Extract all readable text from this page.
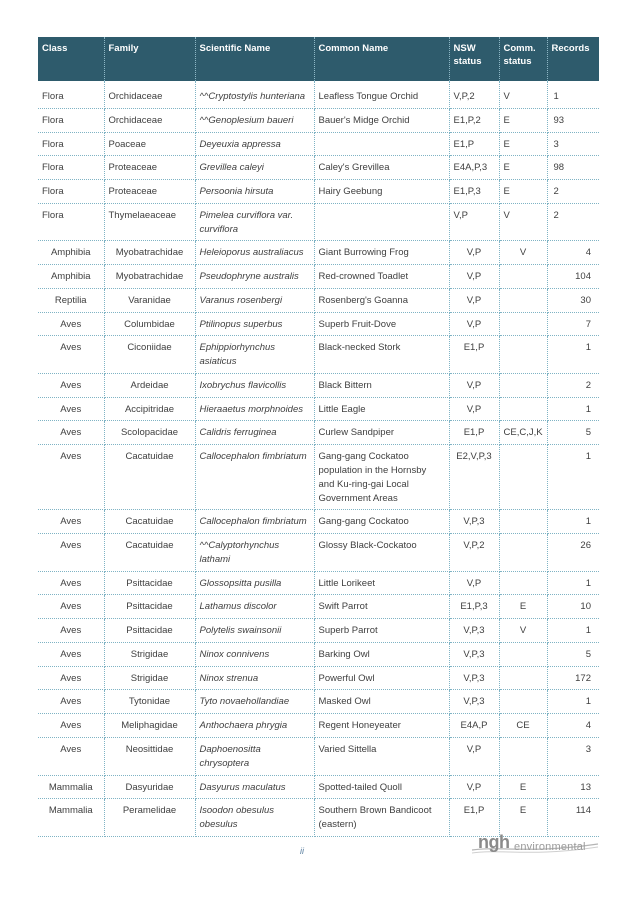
Class	Family	Scientific Name	Common Name	NSW status	Comm. status	Records
Flora	Orchidaceae	^^Cryptostylis hunteriana	Leafless Tongue Orchid	V,P,2	V	1
Flora	Orchidaceae	^^Genoplesium baueri	Bauer's Midge Orchid	E1,P,2	E	93
Flora	Poaceae	Deyeuxia appressa		E1,P	E	3
Flora	Proteaceae	Grevillea caleyi	Caley's Grevillea	E4A,P,3	E	98
Flora	Proteaceae	Persoonia hirsuta	Hairy Geebung	E1,P,3	E	2
Flora	Thymelaeaceae	Pimelea curviflora var. curviflora		V,P	V	2
Amphibia	Myobatrachidae	Heleioporus australiacus	Giant Burrowing Frog	V,P	V	4
Amphibia	Myobatrachidae	Pseudophryne australis	Red-crowned Toadlet	V,P		104
Reptilia	Varanidae	Varanus rosenbergi	Rosenberg's Goanna	V,P		30
Aves	Columbidae	Ptilinopus superbus	Superb Fruit-Dove	V,P		7
Aves	Ciconiidae	Ephippiorhynchus asiaticus	Black-necked Stork	E1,P		1
Aves	Ardeidae	Ixobrychus flavicollis	Black Bittern	V,P		2
Aves	Accipitridae	Hieraaetus morphnoides	Little Eagle	V,P		1
Aves	Scolopacidae	Calidris ferruginea	Curlew Sandpiper	E1,P	CE,C,J,K	5
Aves	Cacatuidae	Callocephalon fimbriatum	Gang-gang Cockatoo population in the Hornsby and Ku-ring-gai Local Government Areas	E2,V,P,3		1
Aves	Cacatuidae	Callocephalon fimbriatum	Gang-gang Cockatoo	V,P,3		1
Aves	Cacatuidae	^^Calyptorhynchus lathami	Glossy Black-Cockatoo	V,P,2		26
Aves	Psittacidae	Glossopsitta pusilla	Little Lorikeet	V,P		1
Aves	Psittacidae	Lathamus discolor	Swift Parrot	E1,P,3	E	10
Aves	Psittacidae	Polytelis swainsonii	Superb Parrot	V,P,3	V	1
Aves	Strigidae	Ninox connivens	Barking Owl	V,P,3		5
Aves	Strigidae	Ninox strenua	Powerful Owl	V,P,3		172
Aves	Tytonidae	Tyto novaehollandiae	Masked Owl	V,P,3		1
Aves	Meliphagidae	Anthochaera phrygia	Regent Honeyeater	E4A,P	CE	4
Aves	Neosittidae	Daphoenositta chrysoptera	Varied Sittella	V,P		3
Mammalia	Dasyuridae	Dasyurus maculatus	Spotted-tailed Quoll	V,P	E	13
Mammalia	Peramelidae	Isoodon obesulus obesulus	Southern Brown Bandicoot (eastern)	E1,P	E	114
ii	ngh environmental
